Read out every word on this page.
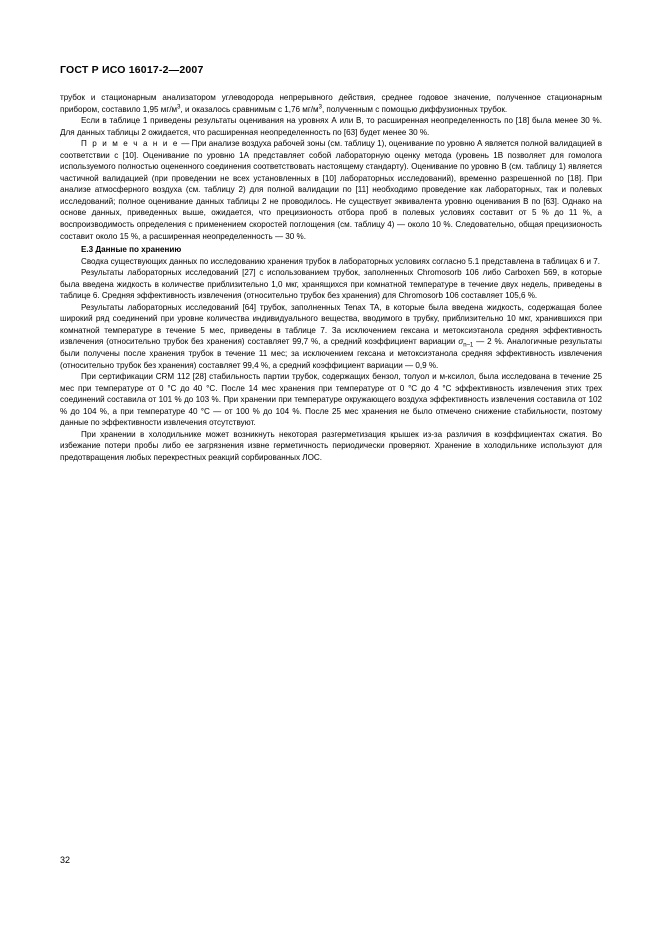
ГОСТ Р ИСО 16017-2—2007

трубок и стационарным анализатором углеводорода непрерывного действия, среднее годовое значение, полученное стационарным прибором, составило 1,95 $мг/м^3$, и оказалось сравнимым с 1,76 $мг/м^3$, полученным с помощью диффузионных трубок.

Если в таблице 1 приведены результаты оценивания на уровнях А или В, то расширенная неопределенность по [18] была менее 30 %. Для данных таблицы 2 ожидается, что расширенная неопределенность по [63] будет менее 30 %.

П р и м е ч а н и е — При анализе воздуха рабочей зоны (см. таблицу 1), оценивание по уровню А является полной валидацией в соответствии с [10]. Оценивание по уровню 1А представляет собой лабораторную оценку метода (уровень 1В позволяет для гомолога используемого полностью оцененного соединения соответствовать настоящему стандарту). Оценивание по уровню В (см. таблицу 1) является частичной валидацией (при проведении не всех установленных в [10] лабораторных исследований), временно разрешенной по [18]. При анализе атмосферного воздуха (см. таблицу 2) для полной валидации по [11] необходимо проведение как лабораторных, так и полевых исследований; полное оценивание данных таблицы 2 не проводилось. Не существует эквивалента уровню оценивания В по [63]. Однако на основе данных, приведенных выше, ожидается, что прецизионость отбора проб в полевых условиях составит от 5 % до 11 %, а воспроизводимость определения с применением скоростей поглощения (см. таблицу 4) — около 10 %. Следовательно, общая прецизионость составит около 15 %, а расширенная неопределенность — 30 %.

Е.3 Данные по хранению

Сводка существующих данных по исследованию хранения трубок в лабораторных условиях согласно 5.1 представлена в таблицах 6 и 7.

Результаты лабораторных исследований [27] с использованием трубок, заполненных Chromosorb 106 либо Carboxen 569, в которые была введена жидкость в количестве приблизительно 1,0 мкг, хранящихся при комнатной температуре в течение двух недель, приведены в таблице 6. Средняя эффективность извлечения (относительно трубок без хранения) для Chromosorb 106 составляет 105,6 %.

Результаты лабораторных исследований [64] трубок, заполненных Tenax TA, в которые была введена жидкость, содержащая более широкий ряд соединений при уровне количества индивидуального вещества, вводимого в трубку, приблизительно 10 мкг, хранившихся при комнатной температуре в течение 5 мес, приведены в таблице 7. За исключением гексана и метоксиэтанола средняя эффективность извлечения (относительно трубок без хранения) составляет 99,7 %, а средний коэффициент вариации $\sigma_{n-1}$ — 2 %. Аналогичные результаты были получены после хранения трубок в течение 11 мес; за исключением гексана и метоксиэтанола средняя эффективность извлечения (относительно трубок без хранения) составляет 99,4 %, а средний коэффициент вариации — 0,9 %.

При сертификации CRM 112 [28] стабильность партии трубок, содержащих бензол, толуол и м-ксилол, была исследована в течение 25 мес при температуре от 0 °С до 40 °С. После 14 мес хранения при температуре от 0 °С до 4 °С эффективность извлечения этих трех соединений составила от 101 % до 103 %. При хранении при температуре окружающего воздуха эффективность извлечения составила от 102 % до 104 %, а при температуре 40 °С — от 100 % до 104 %. После 25 мес хранения не было отмечено снижение стабильности, поэтому данные по эффективности извлечения отсутствуют.

При хранении в холодильнике может возникнуть некоторая разгерметизация крышек из-за различия в коэффициентах сжатия. Во избежание потери пробы либо ее загрязнения извне герметичность периодически проверяют. Хранение в холодильнике используют для предотвращения любых перекрестных реакций сорбированных ЛОС.

32
